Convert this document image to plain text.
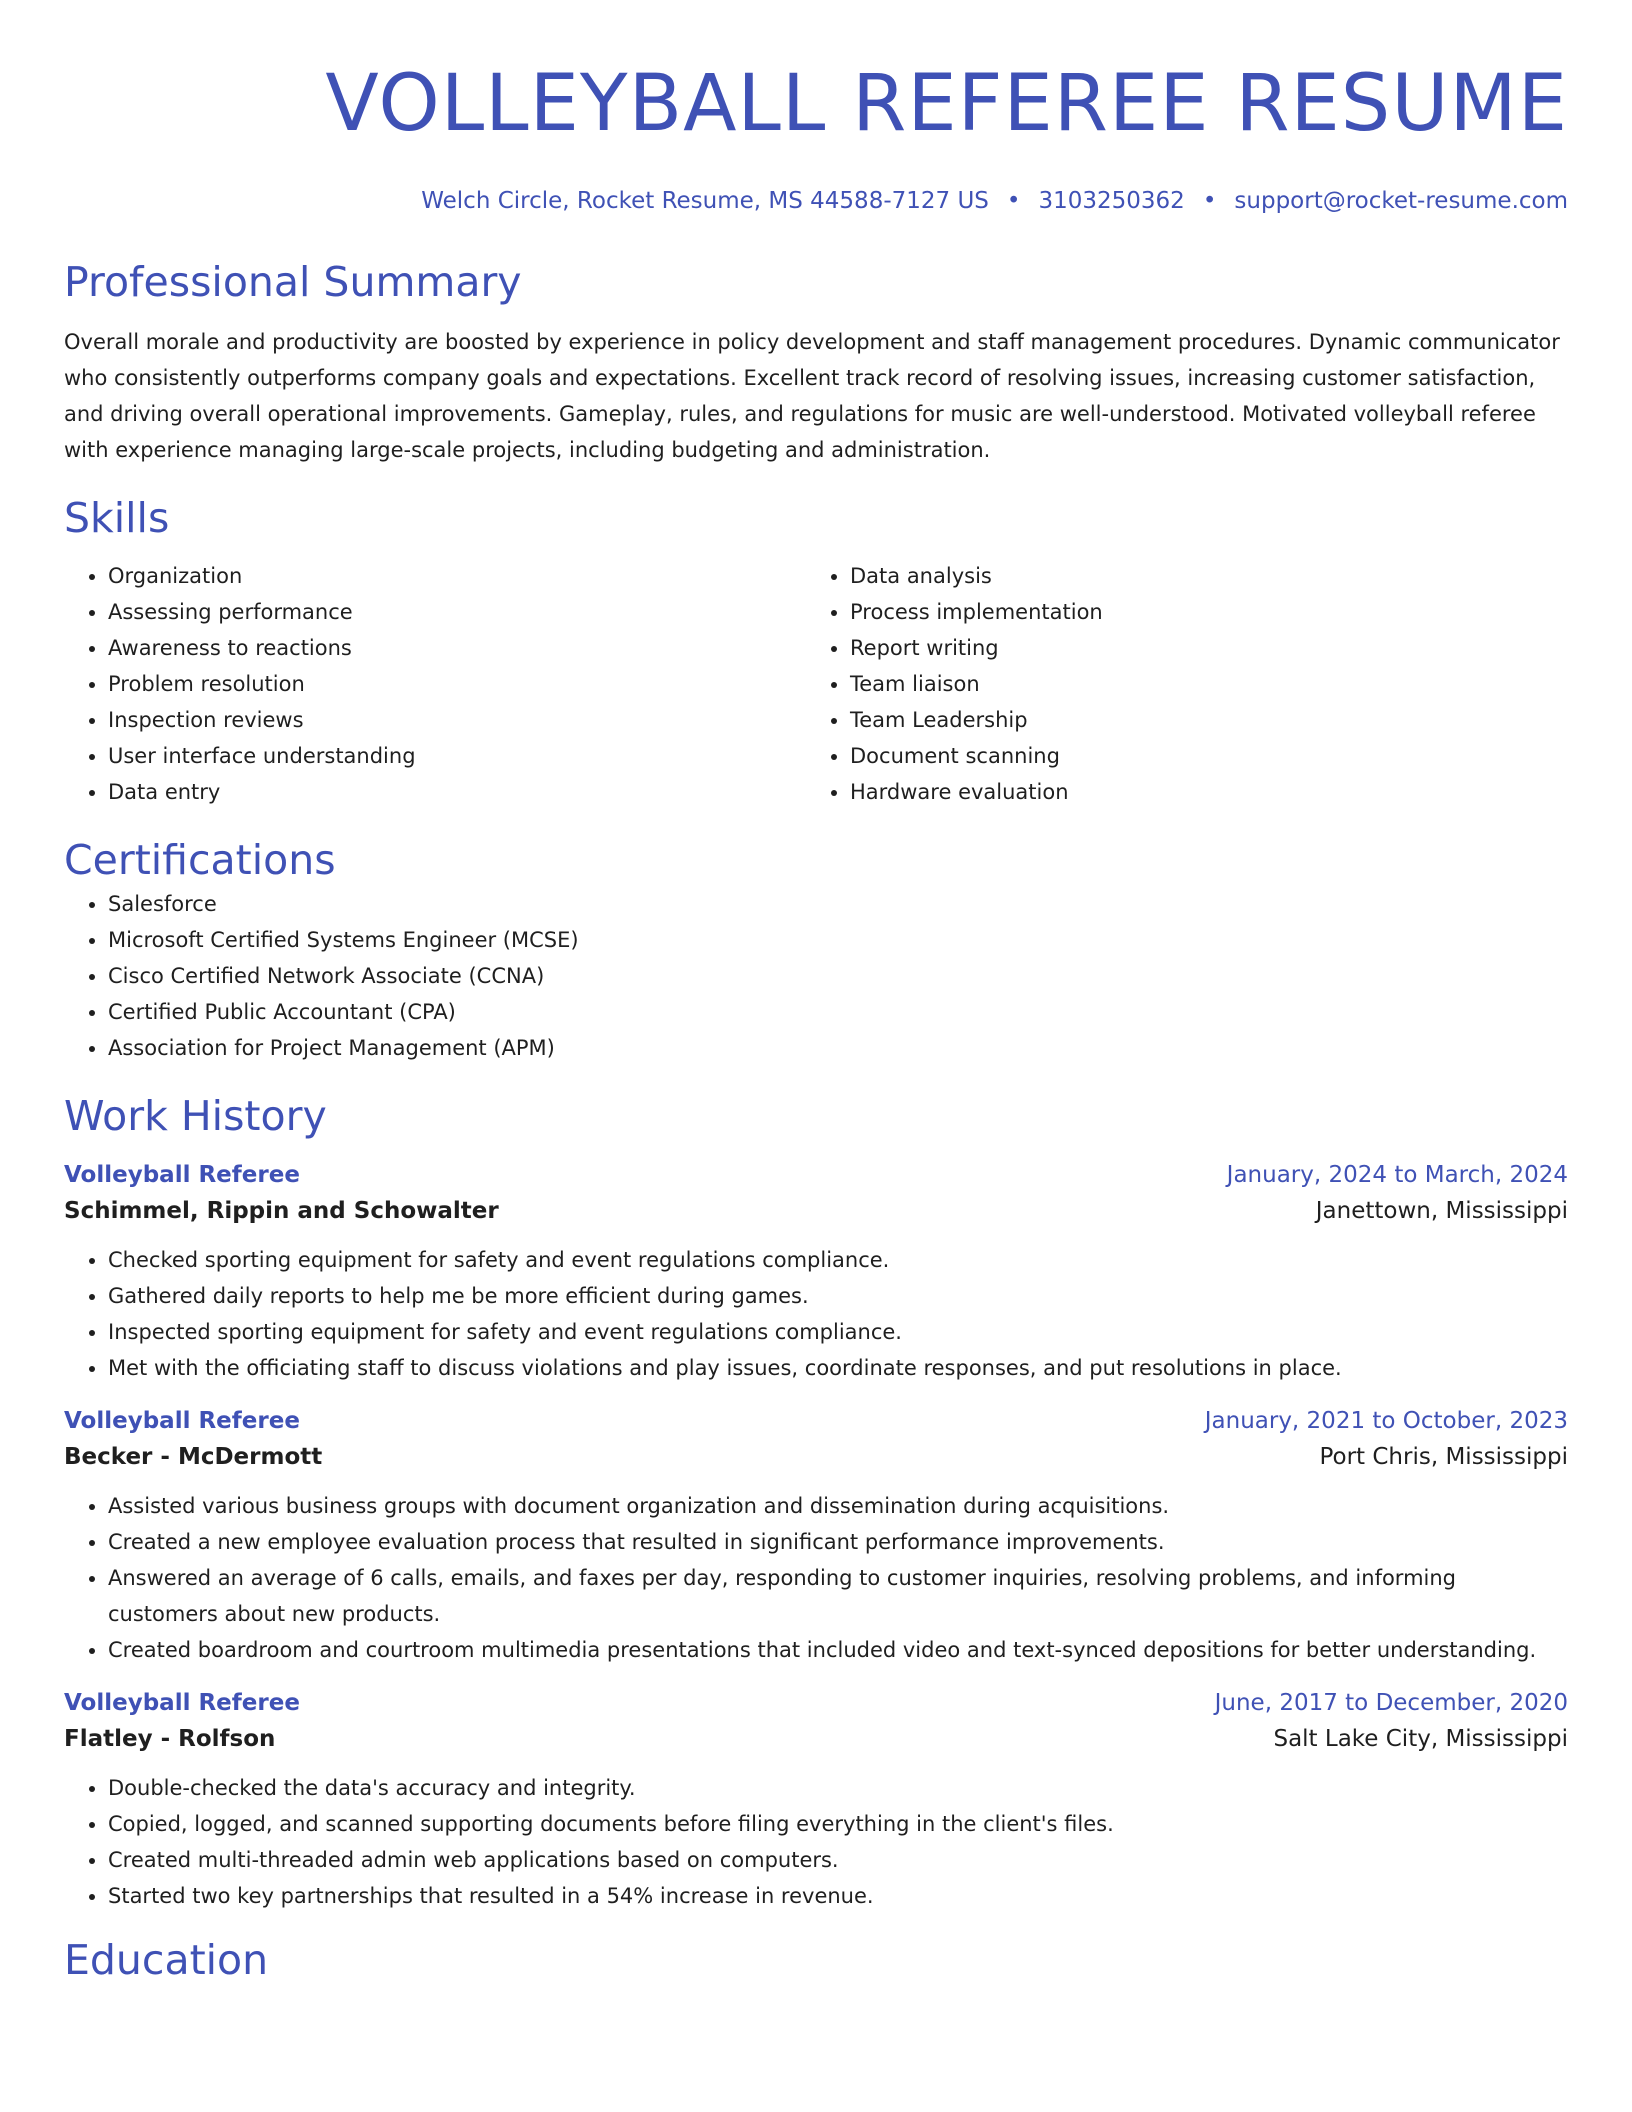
VOLLEYBALL REFEREE RESUME
Welch Circle, Rocket Resume, MS 44588-7127 US • 3103250362 • support@rocket-resume.com
Professional Summary
Overall morale and productivity are boosted by experience in policy development and staff management procedures. Dynamic communicator who consistently outperforms company goals and expectations. Excellent track record of resolving issues, increasing customer satisfaction, and driving overall operational improvements. Gameplay, rules, and regulations for music are well-understood. Motivated volleyball referee with experience managing large-scale projects, including budgeting and administration.
Skills
• Organization
• Assessing performance
• Awareness to reactions
• Problem resolution
• Inspection reviews
• User interface understanding
• Data entry
• Data analysis
• Process implementation
• Report writing
• Team liaison
• Team Leadership
• Document scanning
• Hardware evaluation
Certifications
• Salesforce
• Microsoft Certified Systems Engineer (MCSE)
• Cisco Certified Network Associate (CCNA)
• Certified Public Accountant (CPA)
• Association for Project Management (APM)
Work History
Volleyball Referee	January, 2024 to March, 2024
Schimmel, Rippin and Schowalter	Janettown, Mississippi
• Checked sporting equipment for safety and event regulations compliance.
• Gathered daily reports to help me be more efficient during games.
• Inspected sporting equipment for safety and event regulations compliance.
• Met with the officiating staff to discuss violations and play issues, coordinate responses, and put resolutions in place.
Volleyball Referee	January, 2021 to October, 2023
Becker - McDermott	Port Chris, Mississippi
• Assisted various business groups with document organization and dissemination during acquisitions.
• Created a new employee evaluation process that resulted in significant performance improvements.
• Answered an average of 6 calls, emails, and faxes per day, responding to customer inquiries, resolving problems, and informing customers about new products.
• Created boardroom and courtroom multimedia presentations that included video and text-synced depositions for better understanding.
Volleyball Referee	June, 2017 to December, 2020
Flatley - Rolfson	Salt Lake City, Mississippi
• Double-checked the data's accuracy and integrity.
• Copied, logged, and scanned supporting documents before filing everything in the client's files.
• Created multi-threaded admin web applications based on computers.
• Started two key partnerships that resulted in a 54% increase in revenue.
Education
